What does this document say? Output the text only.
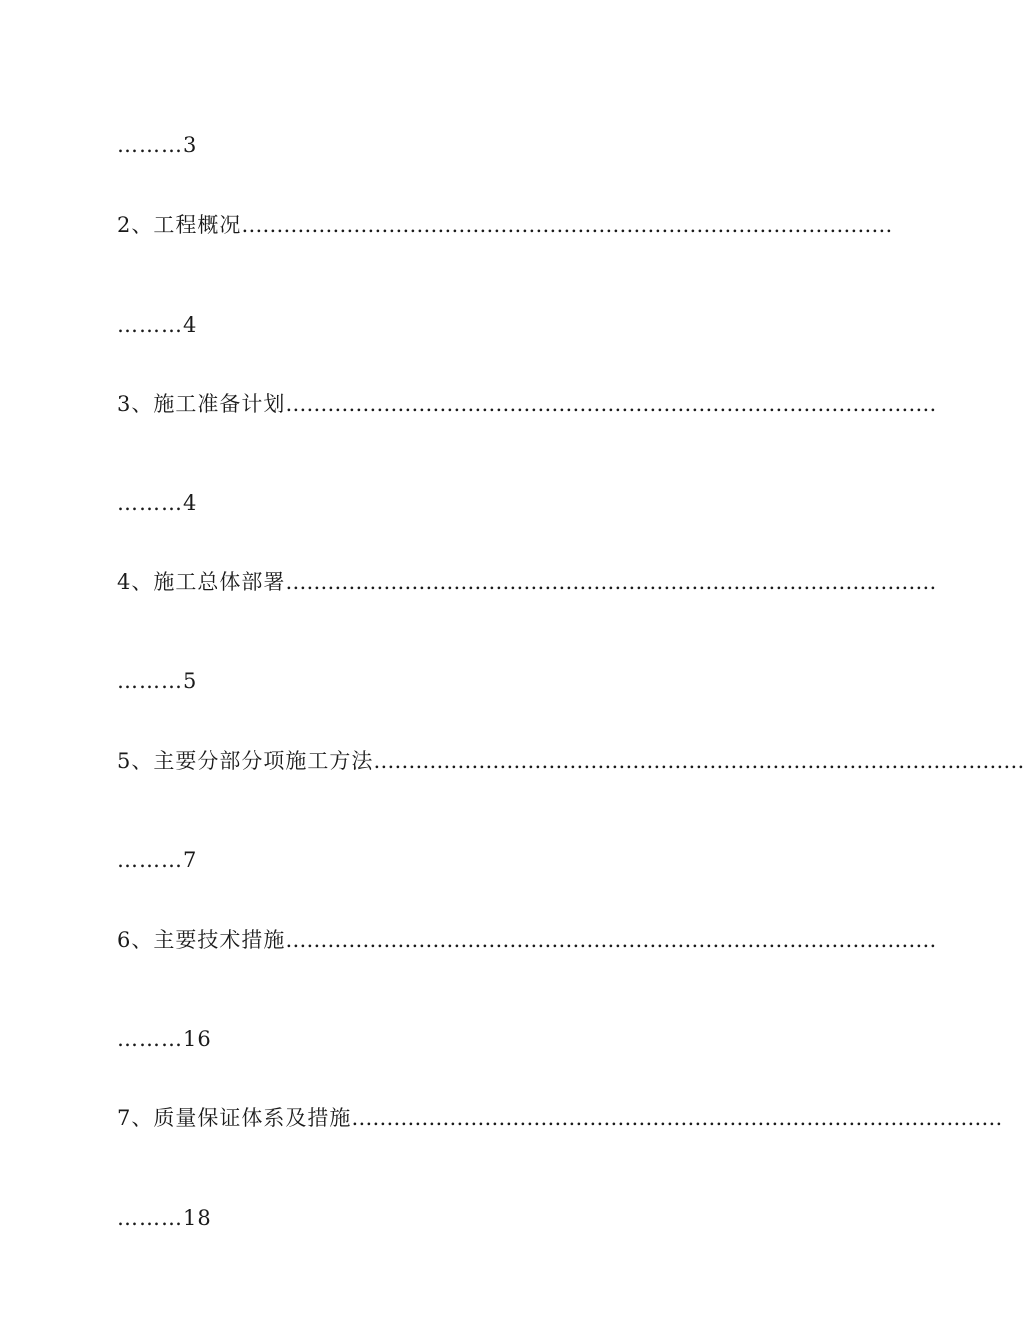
………3
2、工程概况…………………………………………………………………………………
………4
3、施工准备计划…………………………………………………………………………………
………4
4、施工总体部署…………………………………………………………………………………
………5
5、主要分部分项施工方法…………………………………………………………………………………
………7
6、主要技术措施…………………………………………………………………………………
………16
7、质量保证体系及措施…………………………………………………………………………………
………18
